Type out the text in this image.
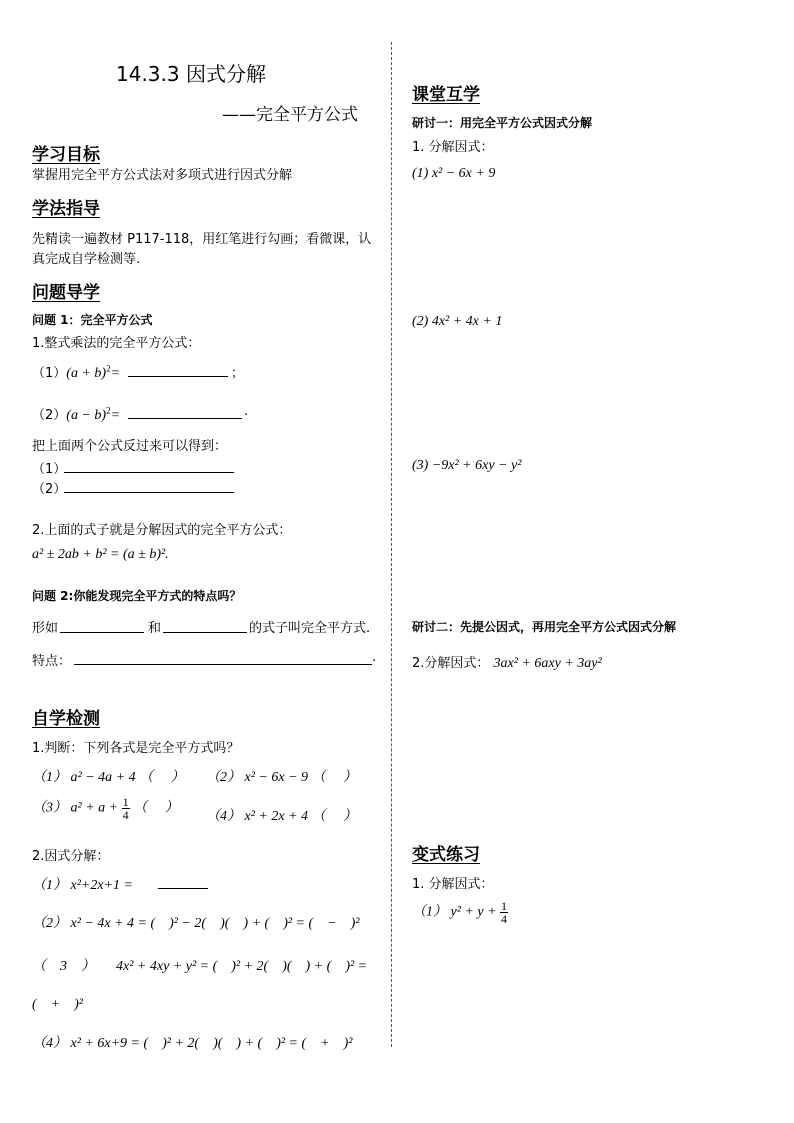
14.3.3 因式分解
——完全平方公式
学习目标
掌握用完全平方公式法对多项式进行因式分解
学法指导
先精读一遍教材 P117-118，用红笔进行勾画；看微课，认
真完成自学检测等.
问题导学
问题 1：完全平方公式
1.整式乘法的完全平方公式：
$(1)(a + b)^2=$	；
$(2)(a - b)^2=$	.
把上面两个公式反过来可以得到：
（1）
（2）
2.上面的式子就是分解因式的完全平方公式：
a² ± 2ab + b² = (a ± b)².
问题 2:你能发现完全平方式的特点吗？
形如	和	的式子叫完全平方式.
特点：	.
自学检测
1.判断：下列各式是完全平方式吗？
（1） a² − 4a + 4 （　 ） （2） x² − 6x − 9 （　 ）
（3） $a^2 + a + \frac{1}{4}$ （　 ）
（4） x² + 2x + 4 （　 ）
2.因式分解：
（1） x²+2x+1 =
（2） x² − 4x + 4 = (　)² − 2(　)(　) + (　)² = (　−　)²
（　3　）　　4x² + 4xy + y² = (　)² + 2(　)(　) + (　)² =
(　+　)²
（4） x² + 6x+9 = (　)² + 2(　)(　) + (　)² = (　+　)²
课堂互学
研讨一：用完全平方公式因式分解
1. 分解因式：
(1) x² − 6x + 9
(2) 4x² + 4x + 1
(3) −9x² + 6xy − y²
研讨二：先提公因式，再用完全平方公式因式分解
2.分解因式： 3ax² + 6axy + 3ay²
变式练习
1. 分解因式：
（1） $y^2 + y + \frac{1}{4}$
